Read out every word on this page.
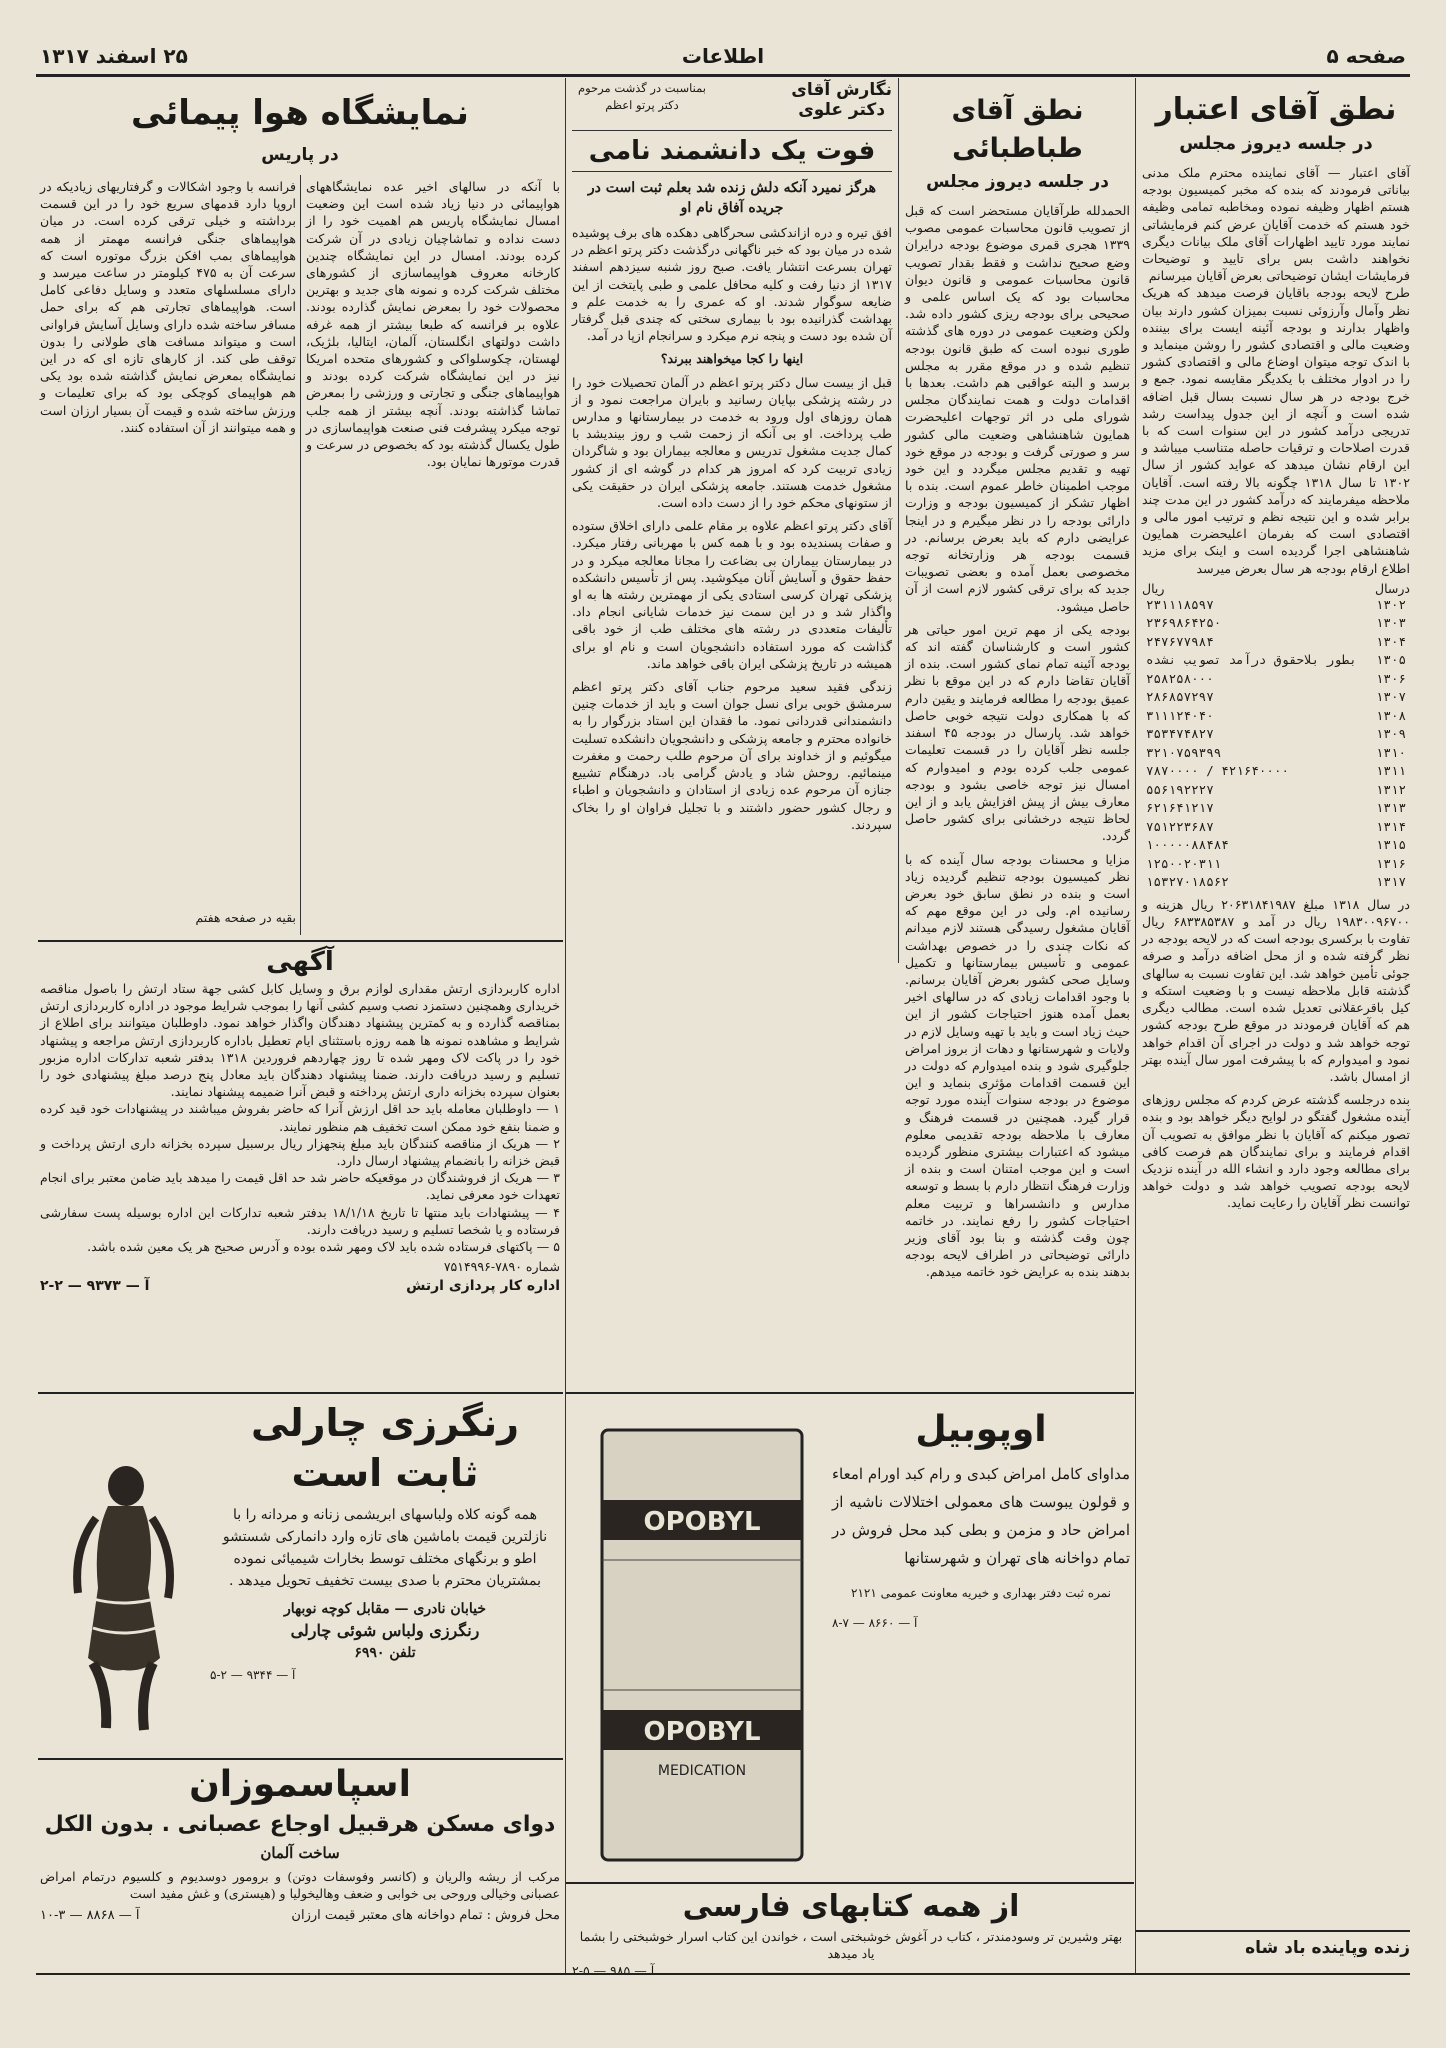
صفحه ۵
اطلاعات
۲۵ اسفند ۱۳۱۷
نطق آقای اعتبار
در جلسه دیروز مجلس

آقای اعتبار — آقای نماینده محترم ملک مدنی بیاناتی فرمودند که بنده که مخبر کمیسیون بودجه هستم اظهار وظیفه نموده ومخاطبه تمامی وظیفه خود هستم که خدمت آقایان عرض کنم فرمایشاتی نمایند مورد تایید اظهارات آقای ملک بیانات دیگری نخواهند داشت بس برای تایید و توضیحات فرمایشات ایشان توضیحاتی بعرض آقایان میرسانم

طرح لایحه بودجه باقایان فرصت میدهد که هریک نظر وآمال وآرزوئی نسبت بمیزان کشور دارند بیان واظهار بدارند و بودجه آئینه ایست برای بیننده وضعیت مالی و اقتصادی کشور را روشن مینماید و با اندک توجه میتوان اوضاع مالی و اقتصادی کشور را در ادوار مختلف با یکدیگر مقایسه نمود. جمع و خرج بودجه در هر سال نسبت بسال قبل اضافه شده است و آنچه از این جدول پیداست رشد تدریجی درآمد کشور در این سنوات است که با قدرت اصلاحات و ترقیات حاصله متناسب میباشد و این ارقام نشان میدهد که عواید کشور از سال ۱۳۰۲ تا سال ۱۳۱۸ چگونه بالا رفته است. آقایان ملاحظه میفرمایند که درآمد کشور در این مدت چند برابر شده و این نتیجه نظم و ترتیب امور مالی و اقتصادی است که بفرمان اعلیحضرت همایون شاهنشاهی اجرا گردیده است و اینک برای مزید اطلاع ارقام بودجه هر سال بعرض میرسد

درسال
ریال
۱۳۰۲	۲۳۱۱۱۸۵۹۷
۱۳۰۳	۲۳۶۹۸۶۴۲۵۰
۱۳۰۴	۲۴۷۶۷۷۹۸۴
۱۳۰۵	بطور بلاحقوق درآمد تصویب نشده
۱۳۰۶	۲۵۸۲۵۸۰۰۰
۱۳۰۷	۲۸۶۸۵۷۲۹۷
۱۳۰۸	۳۱۱۱۲۴۰۴۰
۱۳۰۹	۳۵۳۴۷۴۸۲۷
۱۳۱۰	۳۲۱۰۷۵۹۳۹۹
۱۳۱۱	۴۲۱۶۴۰۰۰۰ / ۷۸۷۰۰۰۰
۱۳۱۲	۵۵۶۱۹۲۲۲۷
۱۳۱۳	۶۲۱۶۴۱۲۱۷
۱۳۱۴	۷۵۱۲۲۳۶۸۷
۱۳۱۵	۱۰۰۰۰۰۸۸۴۸۴
۱۳۱۶	۱۲۵۰۰۲۰۳۱۱
۱۳۱۷	۱۵۳۲۷۰۱۸۵۶۲

در سال ۱۳۱۸ مبلغ ۲۰۶۳۱۸۴۱۹۸۷ ریال هزینه و ۱۹۸۳۰۰۹۶۷۰۰ ریال در آمد و ۶۸۳۳۸۵۳۸۷ ریال تفاوت با برکسری بودجه است که در لایحه بودجه در نظر گرفته شده و از محل اضافه درآمد و صرفه جوئی تأمین خواهد شد. این تفاوت نسبت به سالهای گذشته قابل ملاحظه نیست و با وضعیت استکه و کیل باقرعقلانی تعدیل شده است. مطالب دیگری هم که آقایان فرمودند در موقع طرح بودجه کشور توجه خواهد شد و دولت در اجرای آن اقدام خواهد نمود و امیدوارم که با پیشرفت امور سال آینده بهتر از امسال باشد.

بنده درجلسه گذشته عرض کردم که مجلس روزهای آینده مشغول گفتگو در لوایح دیگر خواهد بود و بنده تصور میکنم که آقایان با نظر موافق به تصویب آن اقدام فرمایند و برای نمایندگان هم فرصت کافی برای مطالعه وجود دارد و انشاء الله در آینده نزدیک لایحه بودجه تصویب خواهد شد و دولت خواهد توانست نظر آقایان را رعایت نماید.

زنده وپاینده باد شاه
نطق آقای طباطبائی
در جلسه دیروز مجلس

الحمدلله طرآقایان مستحضر است که قبل از تصویب قانون محاسبات عمومی مصوب ۱۳۳۹ هجری قمری موضوع بودجه درایران وضع صحیح نداشت و فقط بقدار تصویب قانون محاسبات عمومی و قانون دیوان محاسبات بود که یک اساس علمی و صحیحی برای بودجه ریزی کشور داده شد. ولکن وضعیت عمومی در دوره های گذشته طوری نبوده است که طبق قانون بودجه تنظیم شده و در موقع مقرر به مجلس برسد و البته عواقبی هم داشت. بعدها با اقدامات دولت و همت نمایندگان مجلس شورای ملی در اثر توجهات اعلیحضرت همایون شاهنشاهی وضعیت مالی کشور سر و صورتی گرفت و بودجه در موقع خود تهیه و تقدیم مجلس میگردد و این خود موجب اطمینان خاطر عموم است. بنده با اظهار تشکر از کمیسیون بودجه و وزارت دارائی بودجه را در نظر میگیرم و در اینجا عرایضی دارم که باید بعرض برسانم. در قسمت بودجه هر وزارتخانه توجه مخصوصی بعمل آمده و بعضی تصویبات جدید که برای ترقی کشور لازم است از آن حاصل میشود.

بودجه یکی از مهم ترین امور حیاتی هر کشور است و کارشناسان گفته اند که بودجه آئینه تمام نمای کشور است. بنده از آقایان تقاضا دارم که در این موقع با نظر عمیق بودجه را مطالعه فرمایند و یقین دارم که با همکاری دولت نتیجه خوبی حاصل خواهد شد. پارسال در بودجه ۴۵ اسفند جلسه نظر آقایان را در قسمت تعلیمات عمومی جلب کرده بودم و امیدوارم که امسال نیز توجه خاصی بشود و بودجه معارف بیش از پیش افزایش یابد و از این لحاظ نتیجه درخشانی برای کشور حاصل گردد.

مزایا و محسنات بودجه سال آینده که با نظر کمیسیون بودجه تنظیم گردیده زیاد است و بنده در نطق سابق خود بعرض رسانیده ام. ولی در این موقع مهم که آقایان مشغول رسیدگی هستند لازم میدانم که نکات چندی را در خصوص بهداشت عمومی و تأسیس بیمارستانها و تکمیل وسایل صحی کشور بعرض آقایان برسانم. با وجود اقدامات زیادی که در سالهای اخیر بعمل آمده هنوز احتیاجات کشور از این حیث زیاد است و باید با تهیه وسایل لازم در ولایات و شهرستانها و دهات از بروز امراض جلوگیری شود و بنده امیدوارم که دولت در این قسمت اقدامات مؤثری بنماید و این موضوع در بودجه سنوات آینده مورد توجه قرار گیرد. همچنین در قسمت فرهنگ و معارف با ملاحظه بودجه تقدیمی معلوم میشود که اعتبارات بیشتری منظور گردیده است و این موجب امتنان است و بنده از وزارت فرهنگ انتظار دارم با بسط و توسعه مدارس و دانشسراها و تربیت معلم احتیاجات کشور را رفع نمایند. در خاتمه چون وقت گذشته و بنا بود آقای وزیر دارائی توضیحاتی در اطراف لایحه بودجه بدهند بنده به عرایض خود خاتمه میدهم.

نگارش آقای
دکتر علوی
بمناسبت در گذشت مرحوم دکتر پرتو اعظم
فوت یک دانشمند نامی

هرگز نمیرد آنکه دلش زنده شد بعلم ثبت است در جریده آفاق نام او

افق تیره و دره ازاندکشی سحرگاهی دهکده های برف پوشیده شده در میان بود که خبر ناگهانی درگذشت دکتر پرتو اعظم در تهران بسرعت انتشار یافت. صبح روز شنبه سیزدهم اسفند ۱۳۱۷ از دنیا رفت و کلیه محافل علمی و طبی پایتخت از این ضایعه سوگوار شدند. او که عمری را به خدمت علم و بهداشت گذرانیده بود با بیماری سختی که چندی قبل گرفتار آن شده بود دست و پنجه نرم میکرد و سرانجام ازپا در آمد.

اینها را کجا میخواهند ببرند؟

قبل از بیست سال دکتر پرتو اعظم در آلمان تحصیلات خود را در رشته پزشکی بپایان رسانید و بایران مراجعت نمود و از همان روزهای اول ورود به خدمت در بیمارستانها و مدارس طب پرداخت. او بی آنکه از زحمت شب و روز بیندیشد با کمال جدیت مشغول تدریس و معالجه بیماران بود و شاگردان زیادی تربیت کرد که امروز هر کدام در گوشه ای از کشور مشغول خدمت هستند. جامعه پزشکی ایران در حقیقت یکی از ستونهای محکم خود را از دست داده است.

آقای دکتر پرتو اعظم علاوه بر مقام علمی دارای اخلاق ستوده و صفات پسندیده بود و با همه کس با مهربانی رفتار میکرد. در بیمارستان بیماران بی بضاعت را مجانا معالجه میکرد و در حفظ حقوق و آسایش آنان میکوشید. پس از تأسیس دانشکده پزشکی تهران کرسی استادی یکی از مهمترین رشته ها به او واگذار شد و در این سمت نیز خدمات شایانی انجام داد. تألیفات متعددی در رشته های مختلف طب از خود باقی گذاشت که مورد استفاده دانشجویان است و نام او برای همیشه در تاریخ پزشکی ایران باقی خواهد ماند.

زندگی فقید سعید مرحوم جناب آقای دکتر پرتو اعظم سرمشق خوبی برای نسل جوان است و باید از خدمات چنین دانشمندانی قدردانی نمود. ما فقدان این استاد بزرگوار را به خانواده محترم و جامعه پزشکی و دانشجویان دانشکده تسلیت میگوئیم و از خداوند برای آن مرحوم طلب رحمت و مغفرت مینمائیم. روحش شاد و یادش گرامی باد. درهنگام تشییع جنازه آن مرحوم عده زیادی از استادان و دانشجویان و اطباء و رجال کشور حضور داشتند و با تجلیل فراوان او را بخاک سپردند.

نمایشگاه هوا پیمائی
در پاریس

با آنکه در سالهای اخیر عده نمایشگاههای هواپیمائی در دنیا زیاد شده است این وضعیت امسال نمایشگاه پاریس هم اهمیت خود را از دست نداده و تماشاچیان زیادی در آن شرکت کرده بودند. امسال در این نمایشگاه چندین کارخانه معروف هواپیماسازی از کشورهای مختلف شرکت کرده و نمونه های جدید و بهترین محصولات خود را بمعرض نمایش گذارده بودند. علاوه بر فرانسه که طبعا بیشتر از همه غرفه داشت دولتهای انگلستان، آلمان، ایتالیا، بلژیک، لهستان، چکوسلواکی و کشورهای متحده امریکا نیز در این نمایشگاه شرکت کرده بودند و هواپیماهای جنگی و تجارتی و ورزشی را بمعرض تماشا گذاشته بودند. آنچه بیشتر از همه جلب توجه میکرد پیشرفت فنی صنعت هواپیماسازی در طول یکسال گذشته بود که بخصوص در سرعت و قدرت موتورها نمایان بود.

فرانسه با وجود اشکالات و گرفتاریهای زیادیکه در اروپا دارد قدمهای سریع خود را در این قسمت برداشته و خیلی ترقی کرده است. در میان هواپیماهای جنگی فرانسه مهمتر از همه هواپیماهای بمب افکن بزرگ موتوره است که سرعت آن به ۴۷۵ کیلومتر در ساعت میرسد و دارای مسلسلهای متعدد و وسایل دفاعی کامل است. هواپیماهای تجارتی هم که برای حمل مسافر ساخته شده دارای وسایل آسایش فراوانی است و میتواند مسافت های طولانی را بدون توقف طی کند. از کارهای تازه ای که در این نمایشگاه بمعرض نمایش گذاشته شده بود یکی هم هواپیمای کوچکی بود که برای تعلیمات و ورزش ساخته شده و قیمت آن بسیار ارزان است و همه میتوانند از آن استفاده کنند.

بقیه در صفحه هفتم
آگهی

اداره کاربردازی ارتش مقداری لوازم برق و وسایل کابل کشی جهة ستاد ارتش را باصول مناقصه خریداری وهمچنین دستمزد نصب وسیم کشی آنها را بموجب شرایط موجود در اداره کاربردازی ارتش بمناقصه گذارده و به کمترین پیشنهاد دهندگان واگذار خواهد نمود. داوطلبان میتوانند برای اطلاع از شرایط و مشاهده نمونه ها همه روزه باستثنای ایام تعطیل باداره کاربردازی ارتش مراجعه و پیشنهاد خود را در پاکت لاک ومهر شده تا روز چهاردهم فروردین ۱۳۱۸ بدفتر شعبه تدارکات اداره مزبور تسلیم و رسید دریافت دارند. ضمنا پیشنهاد دهندگان باید معادل پنج درصد مبلغ پیشنهادی خود را بعنوان سپرده بخزانه داری ارتش پرداخته و قبض آنرا ضمیمه پیشنهاد نمایند.

۱ — داوطلبان معامله باید حد اقل ارزش آنرا که حاضر بفروش میباشند در پیشنهادات خود قید کرده و ضمنا بنفع خود ممکن است تخفیف هم منظور نمایند.

۲ — هریک از مناقصه کنندگان باید مبلغ پنجهزار ریال برسبیل سپرده بخزانه داری ارتش پرداخت و قبض خزانه را بانضمام پیشنهاد ارسال دارد.

۳ — هریک از فروشندگان در موقعیکه حاضر شد حد اقل قیمت را میدهد باید ضامن معتبر برای انجام تعهدات خود معرفی نماید.

۴ — پیشنهادات باید منتها تا تاریخ ۱۸/۱/۱۸ بدفتر شعبه تدارکات این اداره بوسیله پست سفارشی فرستاده و یا شخصا تسلیم و رسید دریافت دارند.

۵ — پاکتهای فرستاده شده باید لاک ومهر شده بوده و آدرس صحیح هر یک معین شده باشد.

شماره ۷۸۹۰-۷۵۱۴۹۹۶
اداره کار پردازی ارتش
آ — ۹۳۷۳ — ۲-۲
رنگرزی چارلی
ثابت است

همه گونه کلاه ولباسهای ابریشمی زنانه و مردانه را با نازلترین قیمت باماشین های تازه وارد دانمارکی شستشو اطو و برنگهای مختلف توسط بخارات شیمیائی نموده بمشتریان محترم با صدی بیست تخفیف تحویل میدهد .

خیابان نادری — مقابل کوچه نوبهار

رنگرزی ولباس شوئی چارلی

تلفن ۶۹۹۰

آ — ۹۳۴۴ — ۲-۵

اسپاسموزان
دوای مسکن هرقبیل اوجاع عصبانی . بدون الکل

ساخت آلمان

مرکب از ریشه والریان و (کانسر وفوسفات دوتن) و برومور دوسدیوم و کلسیوم درتمام امراض عصبانی وخیالی وروحی بی خوابی و ضعف وهالیخولیا و (هیستری) و غش مفید است

محل فروش : تمام دواخانه های معتبر قیمت ارزان
آ — ۸۸۶۸ — ۳-۱۰
OPOBYL
OPOBYL
MEDICATION
اوپوبیل

مداوای کامل امراض کبدی و رام کبد اورام امعاء و قولون یبوست های معمولی اختلالات ناشیه از امراض حاد و مزمن و بطی کبد محل فروش در تمام دواخانه های تهران و شهرستانها

نمره ثبت دفتر بهداری و خیریه معاونت عمومی ۲۱۲۱

آ — ۸۶۶۰ — ۷-۸

از همه کتابهای فارسی

بهتر وشیرین تر وسودمندتر ، کتاب در آغوش خوشبختی است ، خواندن این کتاب اسرار خوشبختی را بشما یاد میدهد

آ — ۹۸۵ — ۵-۲
